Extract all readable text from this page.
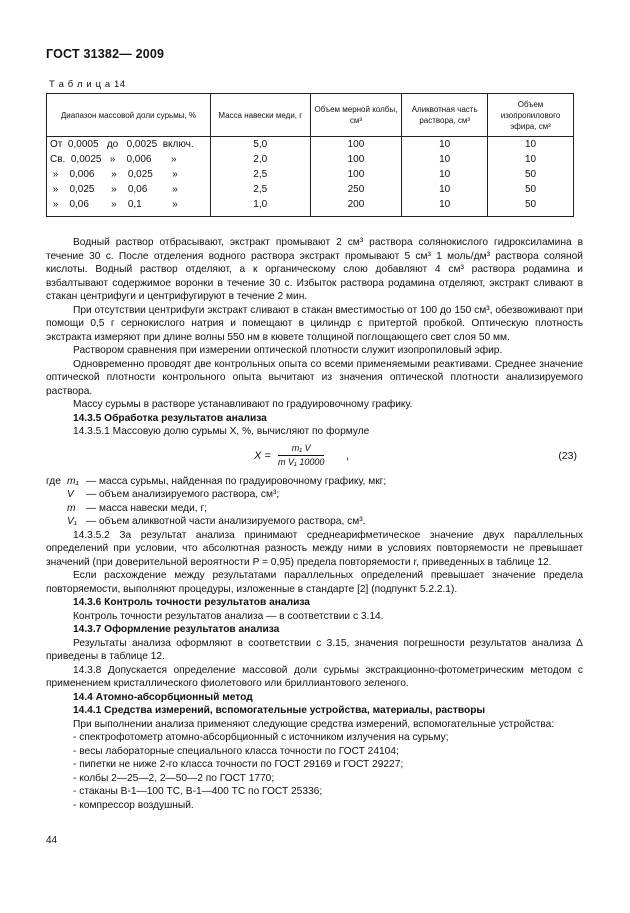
ГОСТ 31382— 2009
Т а б л и ц а 14
Диапазон массовой доли сурьмы, %	Масса навески меди, г	Объем мерной колбы, см³	Аликвотная часть раствора, см³	Объем изопропилового эфира, см³
От  0,0005   до   0,0025  включ.	5,0	100	10	10
Св.  0,0025   »    0,006       »	2,0	100	10	10
»    0,006      »    0,025       »	2,5	100	10	50
»    0,025      »    0,06         »	2,5	250	10	50
»    0,06        »    0,1           »	1,0	200	10	50

Водный раствор отбрасывают, экстракт промывают 2 см³ раствора солянокислого гидроксиламина в течение 30 с. После отделения водного раствора экстракт промывают 5 см³ 1 моль/дм³ раствора соляной кислоты. Водный раствор отделяют, а к органическому слою добавляют 4 см³ раствора родамина и взбалтывают содержимое воронки в течение 30 с. Избыток раствора родамина отделяют, экстракт сливают в стакан центрифуги и центрифугируют в течение 2 мин.

При отсутствии центрифуги экстракт сливают в стакан вместимостью от 100 до 150 см³, обезвоживают при помощи 0,5 г сернокислого натрия и помещают в цилиндр с притертой пробкой. Оптическую плотность экстракта измеряют при длине волны 550 нм в кювете толщиной поглощающего свет слоя 50 мм.

Раствором сравнения при измерении оптической плотности служит изопропиловый эфир.

Одновременно проводят две контрольных опыта со всеми применяемыми реактивами. Среднее значение оптической плотности контрольного опыта вычитают из значения оптической плотности анализируемого раствора.

Массу сурьмы в растворе устанавливают по градуировочному графику.

14.3.5 Обработка результатов анализа

14.3.5.1 Массовую долю сурьмы X, %, вычисляют по формуле

$X = \frac{\text{m₁ V}}{\text{m V₁ 10000}}$ ,	(23)
где m₁ — масса сурьмы, найденная по градуировочному графику, мкг;
V — объем анализируемого раствора, см³;
m — масса навески меди, г;
V₁ — объем аликвотной части анализируемого раствора, см³.

14.3.5.2 За результат анализа принимают среднеарифметическое значение двух параллельных определений при условии, что абсолютная разность между ними в условиях повторяемости не превышает значений (при доверительной вероятности P = 0,95) предела повторяемости r, приведенных в таблице 12.

Если расхождение между результатами параллельных определений превышает значение предела повторяемости, выполняют процедуры, изложенные в стандарте [2] (подпункт 5.2.2.1).

14.3.6 Контроль точности результатов анализа

Контроль точности результатов анализа — в соответствии с 3.14.

14.3.7 Оформление результатов анализа

Результаты анализа оформляют в соответствии с 3.15, значения погрешности результатов анализа Δ приведены в таблице 12.

14.3.8 Допускается определение массовой доли сурьмы экстракционно-фотометрическим методом с применением кристаллического фиолетового или бриллиантового зеленого.

14.4 Атомно-абсорбционный метод

14.4.1 Средства измерений, вспомогательные устройства, материалы, растворы

При выполнении анализа применяют следующие средства измерений, вспомогательные устройства:

- спектрофотометр атомно-абсорбционный с источником излучения на сурьму;

- весы лабораторные специального класса точности по ГОСТ 24104;

- пипетки не ниже 2-го класса точности по ГОСТ 29169 и ГОСТ 29227;

- колбы 2—25—2, 2—50—2 по ГОСТ 1770;

- стаканы В-1—100 ТС, В-1—400 ТС по ГОСТ 25336;

- компрессор воздушный.

44
